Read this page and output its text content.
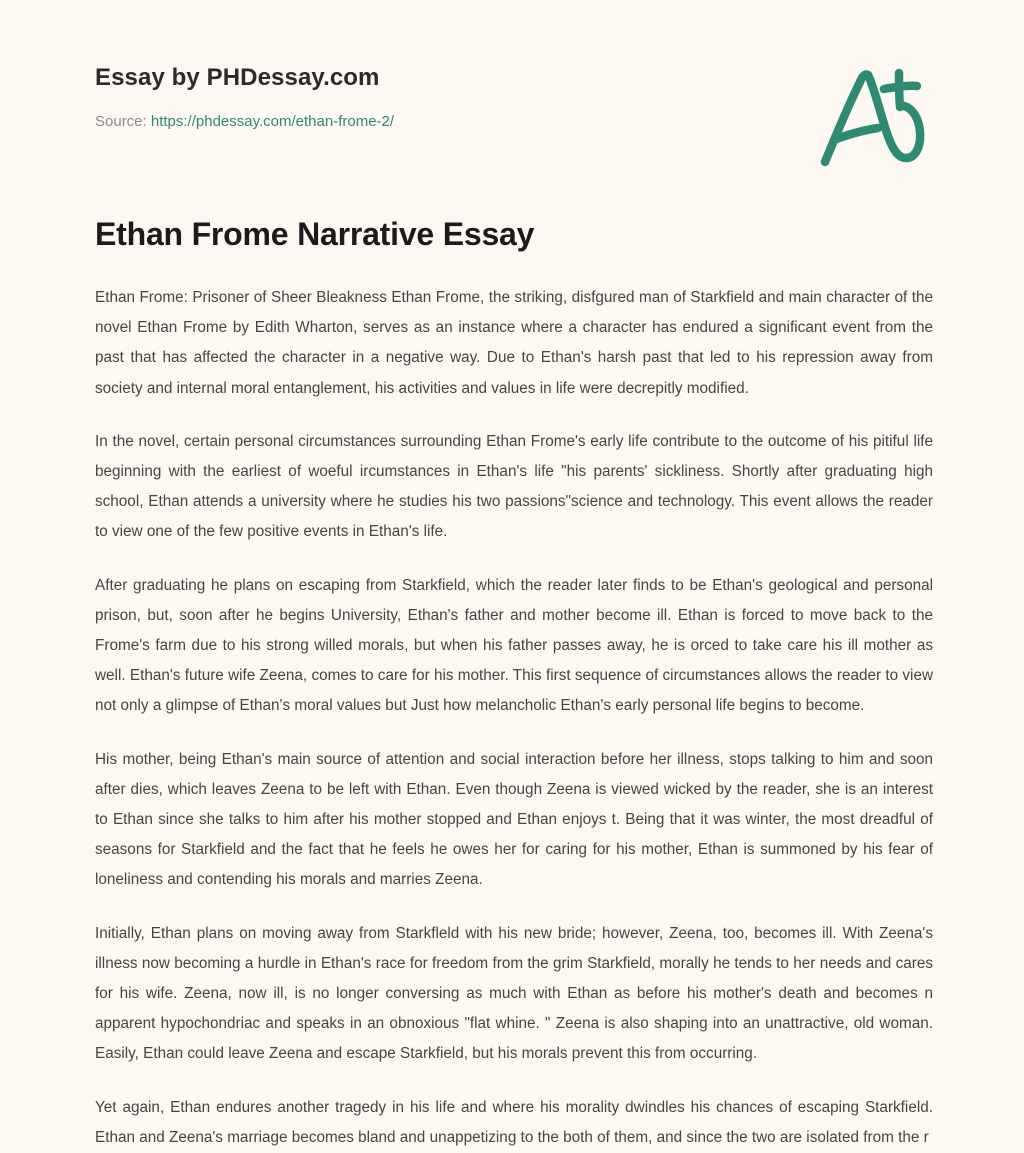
Essay by PHDessay.com
Source: https://phdessay.com/ethan-frome-2/
Ethan Frome Narrative Essay

Ethan Frome: Prisoner of Sheer Bleakness Ethan Frome, the striking, disfgured man of Starkfield and main character of the novel Ethan Frome by Edith Wharton, serves as an instance where a character has endured a significant event from the past that has affected the character in a negative way. Due to Ethan's harsh past that led to his repression away from society and internal moral entanglement, his activities and values in life were decrepitly modified.

In the novel, certain personal circumstances surrounding Ethan Frome's early life contribute to the outcome of his pitiful life beginning with the earliest of woeful ircumstances in Ethan's life "his parents' sickliness. Shortly after graduating high school, Ethan attends a university where he studies his two passions"science and technology. This event allows the reader to view one of the few positive events in Ethan's life.

After graduating he plans on escaping from Starkfield, which the reader later finds to be Ethan's geological and personal prison, but, soon after he begins University, Ethan's father and mother become ill. Ethan is forced to move back to the Frome's farm due to his strong willed morals, but when his father passes away, he is orced to take care his ill mother as well. Ethan's future wife Zeena, comes to care for his mother. This first sequence of circumstances allows the reader to view not only a glimpse of Ethan's moral values but Just how melancholic Ethan's early personal life begins to become.

His mother, being Ethan's main source of attention and social interaction before her illness, stops talking to him and soon after dies, which leaves Zeena to be left with Ethan. Even though Zeena is viewed wicked by the reader, she is an interest to Ethan since she talks to him after his mother stopped and Ethan enjoys t. Being that it was winter, the most dreadful of seasons for Starkfield and the fact that he feels he owes her for caring for his mother, Ethan is summoned by his fear of loneliness and contending his morals and marries Zeena.

Initially, Ethan plans on moving away from Starkfleld with his new bride; however, Zeena, too, becomes ill. With Zeena's illness now becoming a hurdle in Ethan's race for freedom from the grim Starkfield, morally he tends to her needs and cares for his wife. Zeena, now ill, is no longer conversing as much with Ethan as before his mother's death and becomes n apparent hypochondriac and speaks in an obnoxious "flat whine. " Zeena is also shaping into an unattractive, old woman. Easily, Ethan could leave Zeena and escape Starkfield, but his morals prevent this from occurring.

Yet again, Ethan endures another tragedy in his life and where his morality dwindles his chances of escaping Starkfield. Ethan and Zeena's marriage becomes bland and unappetizing to the both of them, and since the two are isolated from the r
